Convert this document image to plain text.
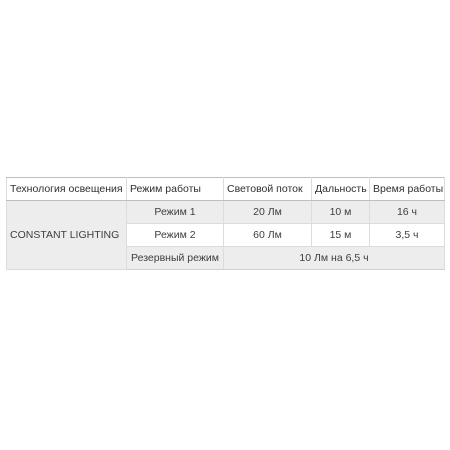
Технология освещения	Режим работы	Световой поток	Дальность	Время работы
CONSTANT LIGHTING	Режим 1	20 Лм	10 м	16 ч
	Режим 2	60 Лм	15 м	3,5 ч
	Резервный режим	10 Лм на 6,5 ч		
